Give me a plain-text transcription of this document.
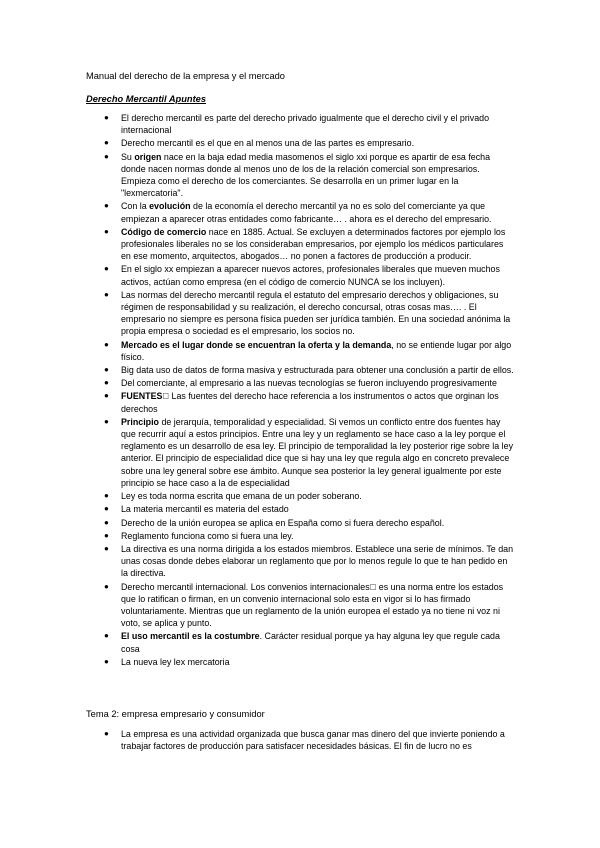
Manual del derecho de la empresa y el mercado
Derecho Mercantil Apuntes
● El derecho mercantil es parte del derecho privado igualmente que el derecho civil y el privado internacional
● Derecho mercantil es el que en al menos una de las partes es empresario.
● Su origen nace en la baja edad media masomenos el siglo xxi porque es apartir de esa fecha donde nacen normas donde al menos uno de los de la relación comercial son empresarios. Empieza como el derecho de los comerciantes. Se desarrolla en un primer lugar en la "lexmercatoria".
● Con la evolución de la economía el derecho mercantil ya no es solo del comerciante ya que empiezan a aparecer otras entidades como fabricante… . ahora es el derecho del empresario.
● Código de comercio nace en 1885. Actual. Se excluyen a determinados factores por ejemplo los profesionales liberales no se los consideraban empresarios, por ejemplo los médicos particulares en ese momento, arquitectos, abogados… no ponen a factores de producción a producir.
● En el siglo xx empiezan a aparecer nuevos actores, profesionales liberales que mueven muchos activos, actúan como empresa (en el código de comercio NUNCA se los incluyen).
● Las normas del derecho mercantil regula el estatuto del empresario derechos y obligaciones, su régimen de responsabilidad y su realización, el derecho concursal, otras cosas mas…. . El empresario no siempre es persona física pueden ser jurídica también. En una sociedad anónima la propia empresa o sociedad es el empresario, los socios no.
● Mercado es el lugar donde se encuentran la oferta y la demanda, no se entiende lugar por algo físico.
● Big data uso de datos de forma masiva y estructurada para obtener una conclusión a partir de ellos.
● Del comerciante, al empresario a las nuevas tecnologías se fueron incluyendo progresivamente
● FUENTES  Las fuentes del derecho hace referencia a los instrumentos o actos que orginan los derechos
● Principio de jerarquía, temporalidad y especialidad. Si vemos un conflicto entre dos fuentes hay que recurrir aquí a estos principios. Entre una ley y un reglamento se hace caso a la ley porque el reglamento es un desarrollo de esa ley. El principio de temporalidad la ley posterior rige sobre la ley anterior. El principio de especialidad dice que si hay una ley que regula algo en concreto prevalece sobre una ley general sobre ese ámbito. Aunque sea posterior la ley general igualmente por este principio se hace caso a la de especialidad
● Ley es toda norma escrita que emana de un poder soberano.
● La materia mercantil es materia del estado
● Derecho de la unión europea se aplica en España como si fuera derecho español.
● Reglamento funciona como si fuera una ley.
● La directiva es una norma dirigida a los estados miembros. Establece una serie de mínimos. Te dan unas cosas donde debes elaborar un reglamento que por lo menos regule lo que te han pedido en la directiva.
● Derecho mercantil internacional. Los convenios internacionales  es una norma entre los estados que lo ratifican o firman, en un convenio internacional solo esta en vigor si lo has firmado voluntariamente. Mientras que un reglamento de la unión europea el estado ya no tiene ni voz ni voto, se aplica y punto.
● El uso mercantil es la costumbre. Carácter residual porque ya hay alguna ley que regule cada cosa
● La nueva ley lex mercatoria
Tema 2: empresa empresario y consumidor
● La empresa es una actividad organizada que busca ganar mas dinero del que invierte poniendo a trabajar factores de producción para satisfacer necesidades básicas. El fin de lucro no es
